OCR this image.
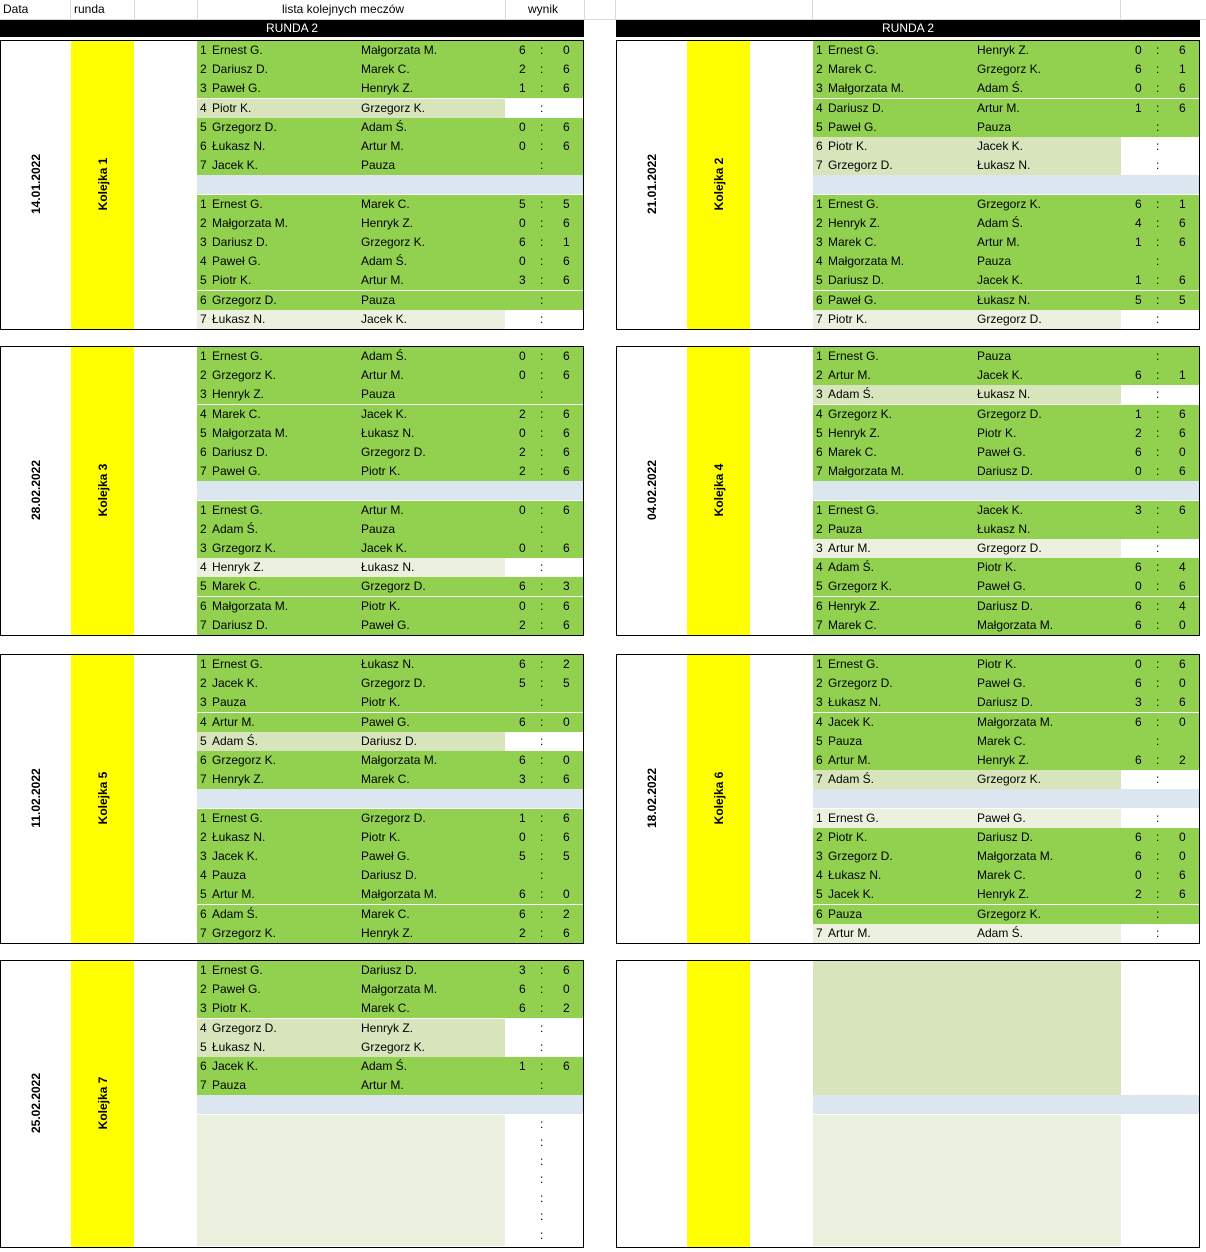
Data	runda	lista kolejnych meczów	wynik
RUNDA 2	RUNDA 2
Kolejka 1
14.01.2022
1 Ernest G.	Małgorzata M.	6 : 0
2 Dariusz D.	Marek C.	2 : 6
3 Paweł G.	Henryk Z.	1 : 6
4 Piotr K.	Grzegorz K.	:
5 Grzegorz D.	Adam Ś.	0 : 6
6 Łukasz N.	Artur M.	0 : 6
7 Jacek K.	Pauza	:
1 Ernest G.	Marek C.	5 : 5
2 Małgorzata M.	Henryk Z.	0 : 6
3 Dariusz D.	Grzegorz K.	6 : 1
4 Paweł G.	Adam Ś.	0 : 6
5 Piotr K.	Artur M.	3 : 6
6 Grzegorz D.	Pauza	:
7 Łukasz N.	Jacek K.	:
Kolejka 2
21.01.2022
1 Ernest G.	Henryk Z.	0 : 6
2 Marek C.	Grzegorz K.	6 : 1
3 Małgorzata M.	Adam Ś.	0 : 6
4 Dariusz D.	Artur M.	1 : 6
5 Paweł G.	Pauza	:
6 Piotr K.	Jacek K.	:
7 Grzegorz D.	Łukasz N.	:
1 Ernest G.	Grzegorz K.	6 : 1
2 Henryk Z.	Adam Ś.	4 : 6
3 Marek C.	Artur M.	1 : 6
4 Małgorzata M.	Pauza	:
5 Dariusz D.	Jacek K.	1 : 6
6 Paweł G.	Łukasz N.	5 : 5
7 Piotr K.	Grzegorz D.	:
Kolejka 3
28.02.2022
1 Ernest G.	Adam Ś.	0 : 6
2 Grzegorz K.	Artur M.	0 : 6
3 Henryk Z.	Pauza	:
4 Marek C.	Jacek K.	2 : 6
5 Małgorzata M.	Łukasz N.	0 : 6
6 Dariusz D.	Grzegorz D.	2 : 6
7 Paweł G.	Piotr K.	2 : 6
1 Ernest G.	Artur M.	0 : 6
2 Adam Ś.	Pauza	:
3 Grzegorz K.	Jacek K.	0 : 6
4 Henryk Z.	Łukasz N.	:
5 Marek C.	Grzegorz D.	6 : 3
6 Małgorzata M.	Piotr K.	0 : 6
7 Dariusz D.	Paweł G.	2 : 6
Kolejka 4
04.02.2022
1 Ernest G.	Pauza	:
2 Artur M.	Jacek K.	6 : 1
3 Adam Ś.	Łukasz N.	:
4 Grzegorz K.	Grzegorz D.	1 : 6
5 Henryk Z.	Piotr K.	2 : 6
6 Marek C.	Paweł G.	6 : 0
7 Małgorzata M.	Dariusz D.	0 : 6
1 Ernest G.	Jacek K.	3 : 6
2 Pauza	Łukasz N.	:
3 Artur M.	Grzegorz D.	:
4 Adam Ś.	Piotr K.	6 : 4
5 Grzegorz K.	Paweł G.	0 : 6
6 Henryk Z.	Dariusz D.	6 : 4
7 Marek C.	Małgorzata M.	6 : 0
Kolejka 5
11.02.2022
1 Ernest G.	Łukasz N.	6 : 2
2 Jacek K.	Grzegorz D.	5 : 5
3 Pauza	Piotr K.	:
4 Artur M.	Paweł G.	6 : 0
5 Adam Ś.	Dariusz D.	:
6 Grzegorz K.	Małgorzata M.	6 : 0
7 Henryk Z.	Marek C.	3 : 6
1 Ernest G.	Grzegorz D.	1 : 6
2 Łukasz N.	Piotr K.	0 : 6
3 Jacek K.	Paweł G.	5 : 5
4 Pauza	Dariusz D.	:
5 Artur M.	Małgorzata M.	6 : 0
6 Adam Ś.	Marek C.	6 : 2
7 Grzegorz K.	Henryk Z.	2 : 6
Kolejka 6
18.02.2022
1 Ernest G.	Piotr K.	0 : 6
2 Grzegorz D.	Paweł G.	6 : 0
3 Łukasz N.	Dariusz D.	3 : 6
4 Jacek K.	Małgorzata M.	6 : 0
5 Pauza	Marek C.	:
6 Artur M.	Henryk Z.	6 : 2
7 Adam Ś.	Grzegorz K.	:
1 Ernest G.	Paweł G.	:
2 Piotr K.	Dariusz D.	6 : 0
3 Grzegorz D.	Małgorzata M.	6 : 0
4 Łukasz N.	Marek C.	0 : 6
5 Jacek K.	Henryk Z.	2 : 6
6 Pauza	Grzegorz K.	:
7 Artur M.	Adam Ś.	:
Kolejka 7
25.02.2022
1 Ernest G.	Dariusz D.	3 : 6
2 Paweł G.	Małgorzata M.	6 : 0
3 Piotr K.	Marek C.	6 : 2
4 Grzegorz D.	Henryk Z.	:
5 Łukasz N.	Grzegorz K.	:
6 Jacek K.	Adam Ś.	1 : 6
7 Pauza	Artur M.	:
:
:
:
:
:
:
:
